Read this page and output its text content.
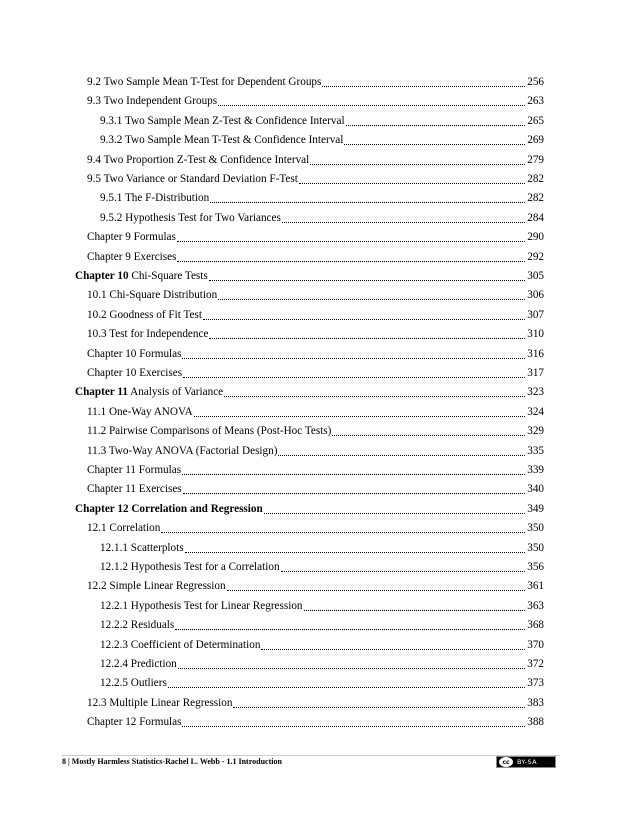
9.2 Two Sample Mean T-Test for Dependent Groups	256
9.3 Two Independent Groups	263
9.3.1 Two Sample Mean Z-Test & Confidence Interval	265
9.3.2 Two Sample Mean T-Test & Confidence Interval	269
9.4 Two Proportion Z-Test & Confidence Interval	279
9.5 Two Variance or Standard Deviation F-Test	282
9.5.1 The F-Distribution	282
9.5.2 Hypothesis Test for Two Variances	284
Chapter 9 Formulas	290
Chapter 9 Exercises	292
Chapter 10 Chi-Square Tests	305
10.1 Chi-Square Distribution	306
10.2 Goodness of Fit Test	307
10.3 Test for Independence	310
Chapter 10 Formulas	316
Chapter 10 Exercises	317
Chapter 11 Analysis of Variance	323
11.1 One-Way ANOVA	324
11.2 Pairwise Comparisons of Means (Post-Hoc Tests)	329
11.3 Two-Way ANOVA (Factorial Design)	335
Chapter 11 Formulas	339
Chapter 11 Exercises	340
Chapter 12 Correlation and Regression	349
12.1 Correlation	350
12.1.1 Scatterplots	350
12.1.2 Hypothesis Test for a Correlation	356
12.2 Simple Linear Regression	361
12.2.1 Hypothesis Test for Linear Regression	363
12.2.2 Residuals	368
12.2.3 Coefficient of Determination	370
12.2.4 Prediction	372
12.2.5 Outliers	373
12.3 Multiple Linear Regression	383
Chapter 12 Formulas	388
8 | Mostly Harmless Statistics-Rachel L. Webb - 1.1 Introduction	cc	BY-SA
